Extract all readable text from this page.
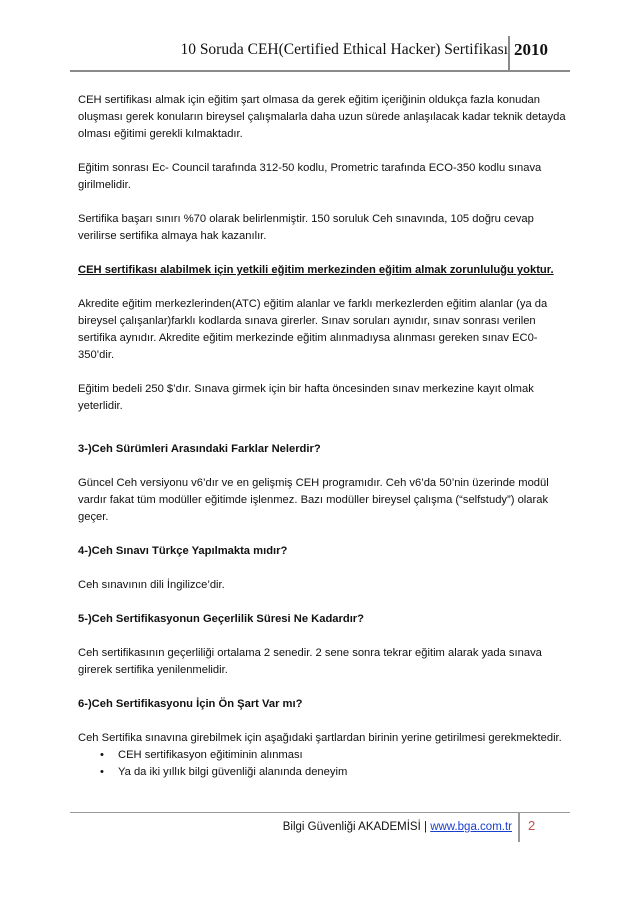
10 Soruda CEH(Certified Ethical Hacker) Sertifikası 2010

CEH sertifikası almak için eğitim şart olmasa da gerek eğitim içeriğinin oldukça fazla konudan oluşması gerek konuların bireysel çalışmalarla daha uzun sürede anlaşılacak kadar teknik detayda olması eğitimi gerekli kılmaktadır.

Eğitim sonrası Ec- Council tarafında 312-50 kodlu, Prometric tarafında ECO-350 kodlu sınava girilmelidir.

Sertifika başarı sınırı %70 olarak belirlenmiştir. 150 soruluk Ceh sınavında, 105 doğru cevap verilirse sertifika almaya hak kazanılır.

CEH sertifikası alabilmek için yetkili eğitim merkezinden eğitim almak zorunluluğu yoktur.

Akredite eğitim merkezlerinden(ATC) eğitim alanlar ve farklı merkezlerden eğitim alanlar (ya da bireysel çalışanlar)farklı kodlarda sınava girerler. Sınav soruları aynıdır, sınav sonrası verilen sertifika aynıdır. Akredite eğitim merkezinde eğitim alınmadıysa alınması gereken sınav EC0-350’dir.

Eğitim bedeli 250 $’dır. Sınava girmek için bir hafta öncesinden sınav merkezine kayıt olmak yeterlidir.

3-)Ceh Sürümleri Arasındaki Farklar Nelerdir?

Güncel Ceh versiyonu v6’dır ve en gelişmiş CEH programıdır. Ceh v6’da 50’nin üzerinde modül vardır fakat tüm modüller eğitimde işlenmez. Bazı modüller bireysel çalışma (“selfstudy”) olarak geçer.

4-)Ceh Sınavı Türkçe Yapılmakta mıdır?

Ceh sınavının dili İngilizce’dir.

5-)Ceh Sertifikasyonun Geçerlilik Süresi Ne Kadardır?

Ceh sertifikasının geçerliliği ortalama 2 senedir. 2 sene sonra tekrar eğitim alarak yada sınava girerek sertifika yenilenmelidir.

6-)Ceh Sertifikasyonu İçin Ön Şart Var mı?

Ceh Sertifika sınavına girebilmek için aşağıdaki şartlardan birinin yerine getirilmesi gerekmektedir.

• CEH sertifikasyon eğitiminin alınması
• Ya da iki yıllık bilgi güvenliği alanında deneyim
Bilgi Güvenliği AKADEMİSİ | www.bga.com.tr 2
